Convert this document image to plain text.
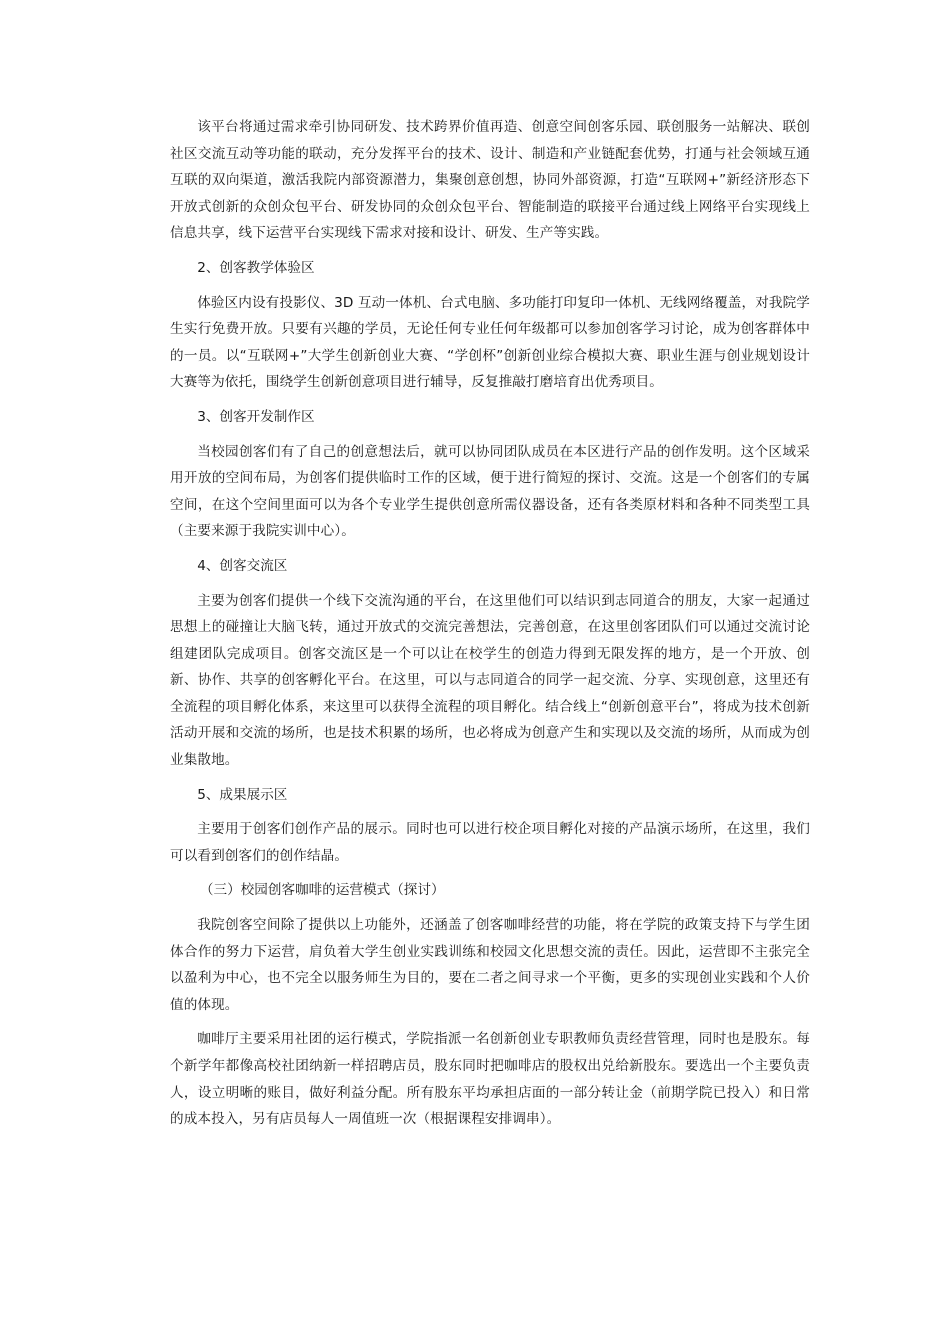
该平台将通过需求牵引协同研发、技术跨界价值再造、创意空间创客乐园、联创服务一站解决、联创社区交流互动等功能的联动，充分发挥平台的技术、设计、制造和产业链配套优势，打通与社会领域互通互联的双向渠道，激活我院内部资源潜力，集聚创意创想，协同外部资源，打造“互联网+”新经济形态下开放式创新的众创众包平台、研发协同的众创众包平台、智能制造的联接平台通过线上网络平台实现线上信息共享，线下运营平台实现线下需求对接和设计、研发、生产等实践。

2、创客教学体验区

体验区内设有投影仪、3D 互动一体机、台式电脑、多功能打印复印一体机、无线网络覆盖，对我院学生实行免费开放。只要有兴趣的学员，无论任何专业任何年级都可以参加创客学习讨论，成为创客群体中的一员。以“互联网+”大学生创新创业大赛、“学创杯”创新创业综合模拟大赛、职业生涯与创业规划设计大赛等为依托，围绕学生创新创意项目进行辅导，反复推敲打磨培育出优秀项目。

3、创客开发制作区

当校园创客们有了自己的创意想法后，就可以协同团队成员在本区进行产品的创作发明。这个区域采用开放的空间布局，为创客们提供临时工作的区域，便于进行简短的探讨、交流。这是一个创客们的专属空间，在这个空间里面可以为各个专业学生提供创意所需仪器设备，还有各类原材料和各种不同类型工具（主要来源于我院实训中心）。

4、创客交流区

主要为创客们提供一个线下交流沟通的平台，在这里他们可以结识到志同道合的朋友，大家一起通过思想上的碰撞让大脑飞转，通过开放式的交流完善想法，完善创意，在这里创客团队们可以通过交流讨论组建团队完成项目。创客交流区是一个可以让在校学生的创造力得到无限发挥的地方，是一个开放、创新、协作、共享的创客孵化平台。在这里，可以与志同道合的同学一起交流、分享、实现创意，这里还有全流程的项目孵化体系，来这里可以获得全流程的项目孵化。结合线上“创新创意平台”，将成为技术创新活动开展和交流的场所，也是技术积累的场所，也必将成为创意产生和实现以及交流的场所，从而成为创业集散地。

5、成果展示区

主要用于创客们创作产品的展示。同时也可以进行校企项目孵化对接的产品演示场所，在这里，我们可以看到创客们的创作结晶。

（三）校园创客咖啡的运营模式（探讨）

我院创客空间除了提供以上功能外，还涵盖了创客咖啡经营的功能，将在学院的政策支持下与学生团体合作的努力下运营，肩负着大学生创业实践训练和校园文化思想交流的责任。因此，运营即不主张完全以盈利为中心，也不完全以服务师生为目的，要在二者之间寻求一个平衡，更多的实现创业实践和个人价值的体现。

咖啡厅主要采用社团的运行模式，学院指派一名创新创业专职教师负责经营管理，同时也是股东。每个新学年都像高校社团纳新一样招聘店员，股东同时把咖啡店的股权出兑给新股东。要选出一个主要负责人，设立明晰的账目，做好利益分配。所有股东平均承担店面的一部分转让金（前期学院已投入）和日常的成本投入，另有店员每人一周值班一次（根据课程安排调串）。
